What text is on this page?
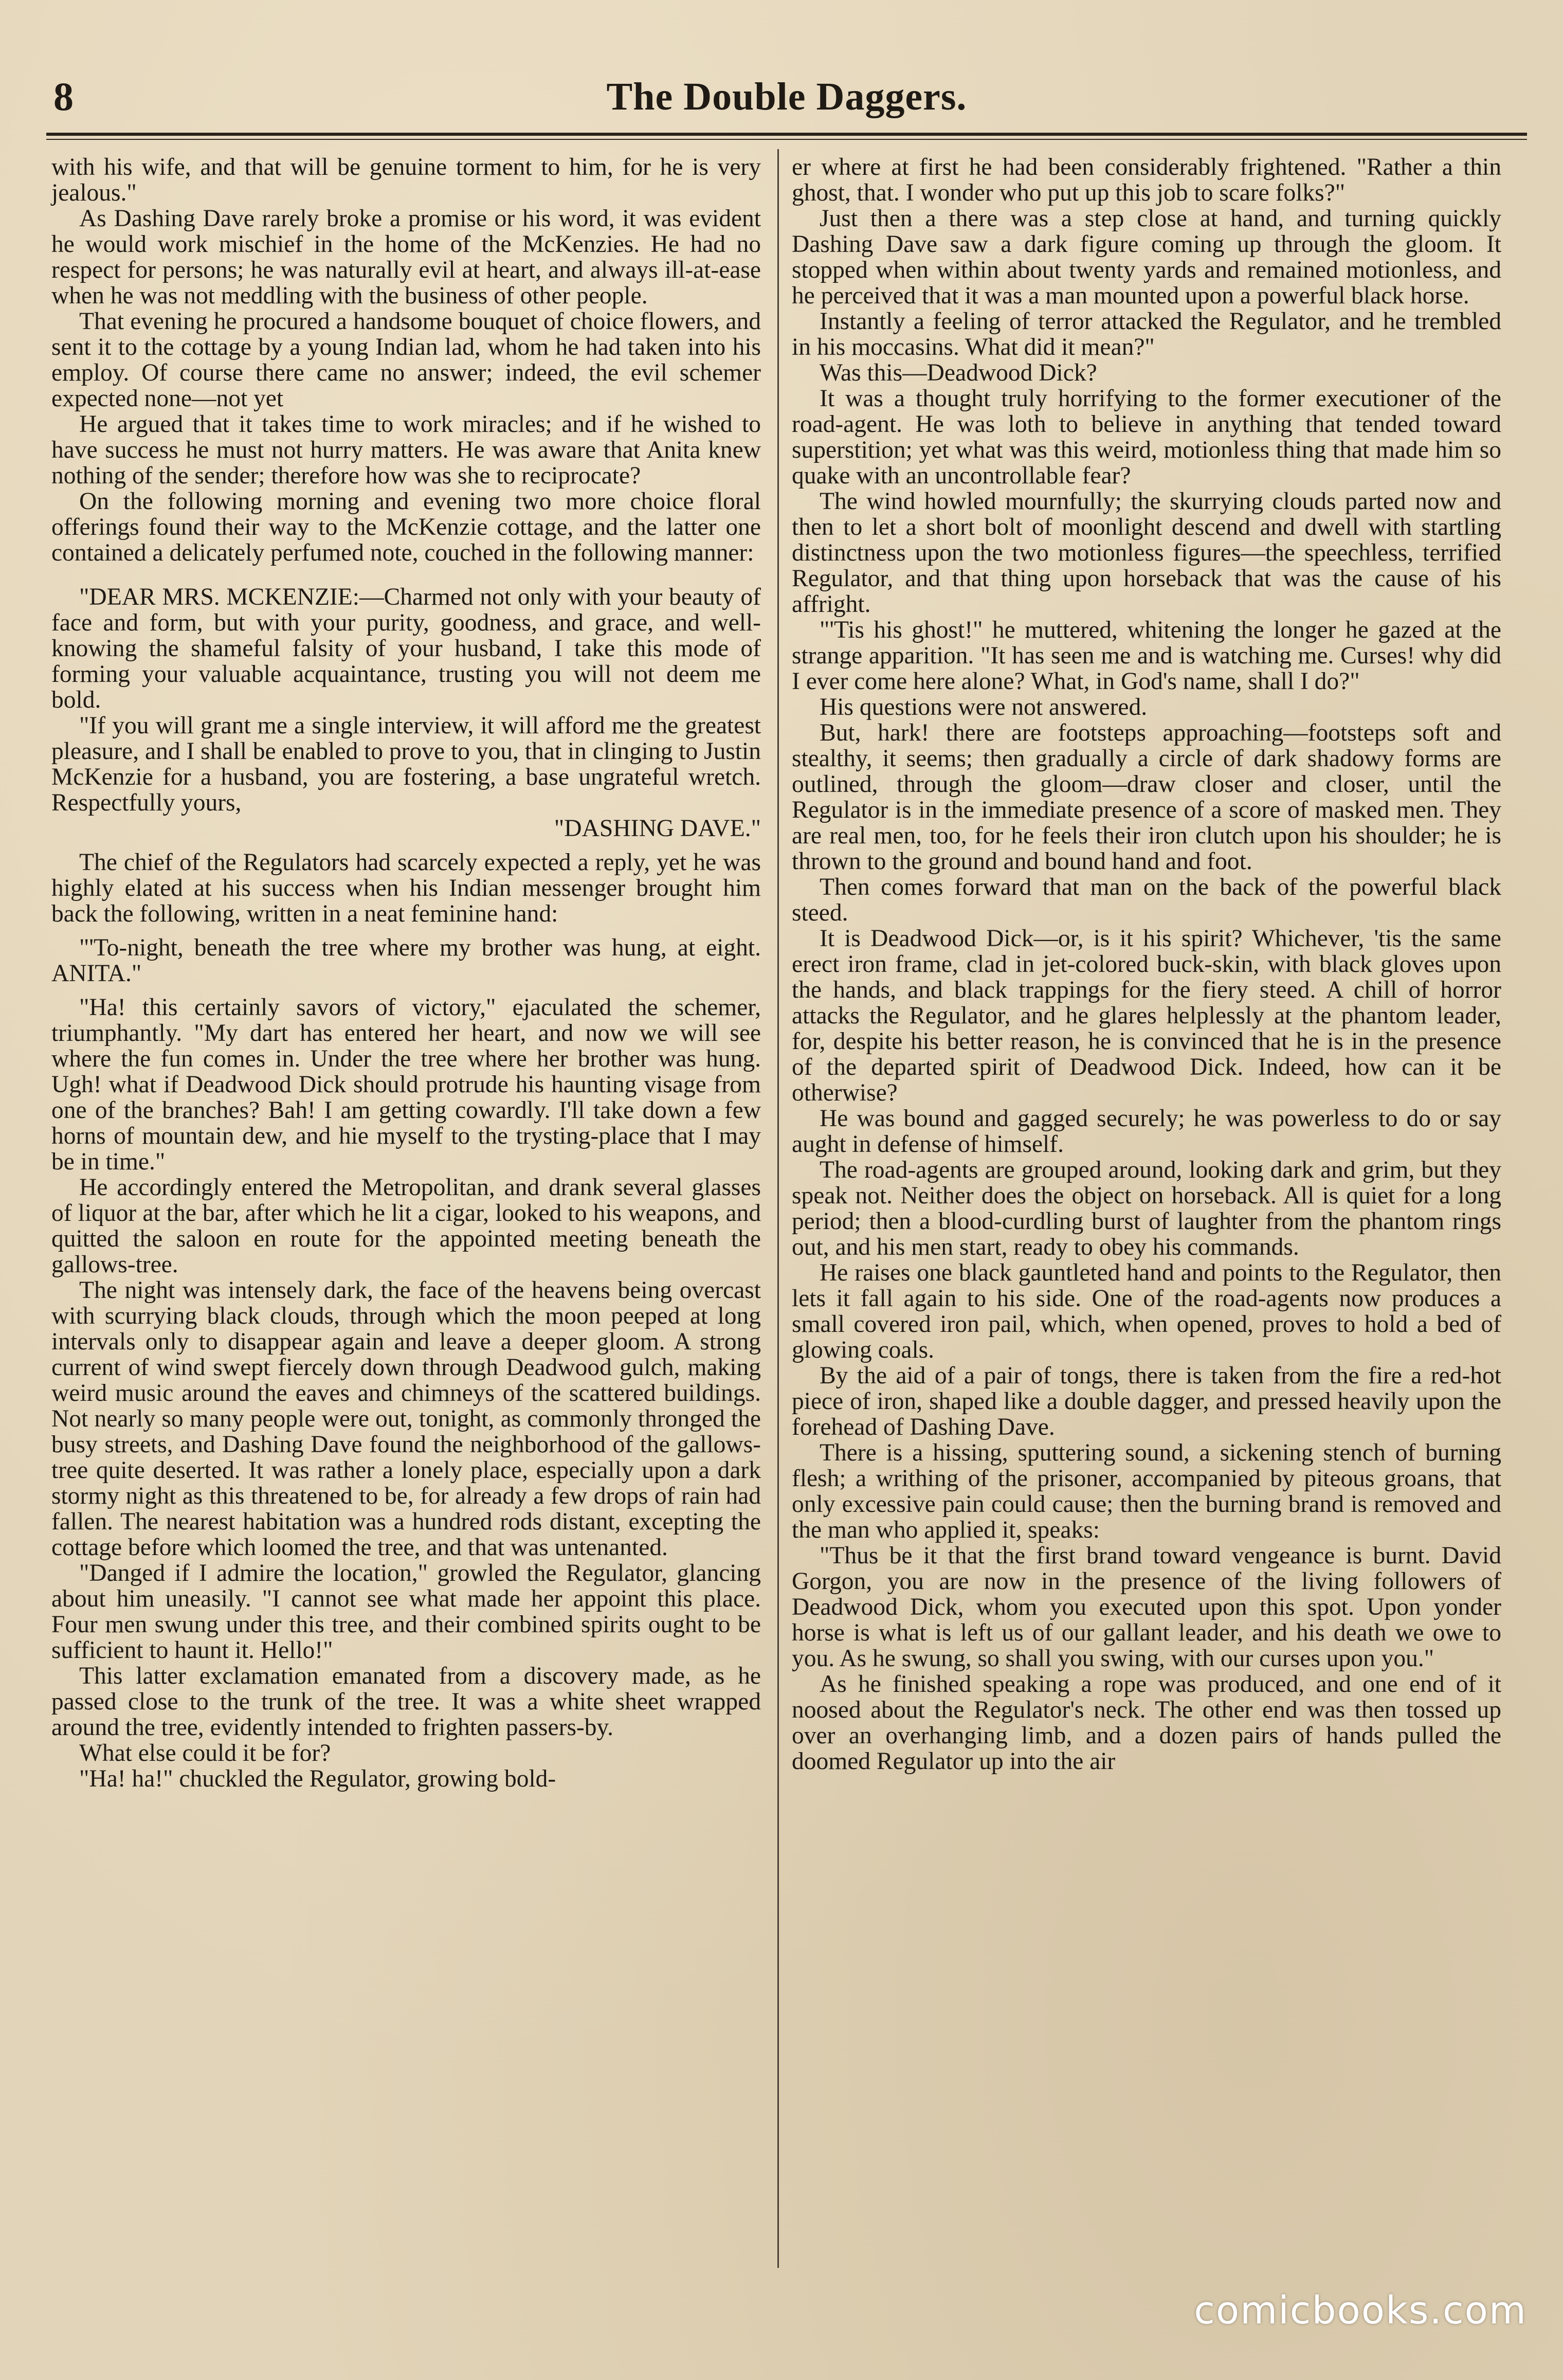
8	The Double Daggers.

with his wife, and that will be genuine torment to him, for he is very jealous."

As Dashing Dave rarely broke a promise or his word, it was evident he would work mischief in the home of the McKenzies. He had no respect for persons; he was naturally evil at heart, and always ill-at-ease when he was not meddling with the business of other people.

That evening he procured a handsome bouquet of choice flowers, and sent it to the cottage by a young Indian lad, whom he had taken into his employ. Of course there came no answer; indeed, the evil schemer expected none—not yet

He argued that it takes time to work miracles; and if he wished to have success he must not hurry matters. He was aware that Anita knew nothing of the sender; therefore how was she to reciprocate?

On the following morning and evening two more choice floral offerings found their way to the McKenzie cottage, and the latter one contained a delicately perfumed note, couched in the following manner:

"DEAR MRS. MCKENZIE:—Charmed not only with your beauty of face and form, but with your purity, goodness, and grace, and well-knowing the shameful falsity of your husband, I take this mode of forming your valuable acquaintance, trusting you will not deem me bold.

"If you will grant me a single interview, it will afford me the greatest pleasure, and I shall be enabled to prove to you, that in clinging to Justin McKenzie for a husband, you are fostering, a base ungrateful wretch. Respectfully yours,

"DASHING DAVE."

The chief of the Regulators had scarcely expected a reply, yet he was highly elated at his success when his Indian messenger brought him back the following, written in a neat feminine hand:

"'To-night, beneath the tree where my brother was hung, at eight. ANITA."

"Ha! this certainly savors of victory," ejaculated the schemer, triumphantly. "My dart has entered her heart, and now we will see where the fun comes in. Under the tree where her brother was hung. Ugh! what if Deadwood Dick should protrude his haunting visage from one of the branches? Bah! I am getting cowardly. I'll take down a few horns of mountain dew, and hie myself to the trysting-place that I may be in time."

He accordingly entered the Metropolitan, and drank several glasses of liquor at the bar, after which he lit a cigar, looked to his weapons, and quitted the saloon en route for the appointed meeting beneath the gallows-tree.

The night was intensely dark, the face of the heavens being overcast with scurrying black clouds, through which the moon peeped at long intervals only to disappear again and leave a deeper gloom. A strong current of wind swept fiercely down through Deadwood gulch, making weird music around the eaves and chimneys of the scattered buildings. Not nearly so many people were out, tonight, as commonly thronged the busy streets, and Dashing Dave found the neighborhood of the gallows-tree quite deserted. It was rather a lonely place, especially upon a dark stormy night as this threatened to be, for already a few drops of rain had fallen. The nearest habitation was a hundred rods distant, excepting the cottage before which loomed the tree, and that was untenanted.

"Danged if I admire the location," growled the Regulator, glancing about him uneasily. "I cannot see what made her appoint this place. Four men swung under this tree, and their combined spirits ought to be sufficient to haunt it. Hello!"

This latter exclamation emanated from a discovery made, as he passed close to the trunk of the tree. It was a white sheet wrapped around the tree, evidently intended to frighten passers-by.

What else could it be for?

"Ha! ha!" chuckled the Regulator, growing bold-

er where at first he had been considerably frightened. "Rather a thin ghost, that. I wonder who put up this job to scare folks?"

Just then a there was a step close at hand, and turning quickly Dashing Dave saw a dark figure coming up through the gloom. It stopped when within about twenty yards and remained motionless, and he perceived that it was a man mounted upon a powerful black horse.

Instantly a feeling of terror attacked the Regulator, and he trembled in his moccasins. What did it mean?"

Was this—Deadwood Dick?

It was a thought truly horrifying to the former executioner of the road-agent. He was loth to believe in anything that tended toward superstition; yet what was this weird, motionless thing that made him so quake with an uncontrollable fear?

The wind howled mournfully; the skurrying clouds parted now and then to let a short bolt of moonlight descend and dwell with startling distinctness upon the two motionless figures—the speechless, terrified Regulator, and that thing upon horseback that was the cause of his affright.

"'Tis his ghost!" he muttered, whitening the longer he gazed at the strange apparition. "It has seen me and is watching me. Curses! why did I ever come here alone? What, in God's name, shall I do?"

His questions were not answered.

But, hark! there are footsteps approaching—footsteps soft and stealthy, it seems; then gradually a circle of dark shadowy forms are outlined, through the gloom—draw closer and closer, until the Regulator is in the immediate presence of a score of masked men. They are real men, too, for he feels their iron clutch upon his shoulder; he is thrown to the ground and bound hand and foot.

Then comes forward that man on the back of the powerful black steed.

It is Deadwood Dick—or, is it his spirit? Whichever, 'tis the same erect iron frame, clad in jet-colored buck-skin, with black gloves upon the hands, and black trappings for the fiery steed. A chill of horror attacks the Regulator, and he glares helplessly at the phantom leader, for, despite his better reason, he is convinced that he is in the presence of the departed spirit of Deadwood Dick. Indeed, how can it be otherwise?

He was bound and gagged securely; he was powerless to do or say aught in defense of himself.

The road-agents are grouped around, looking dark and grim, but they speak not. Neither does the object on horseback. All is quiet for a long period; then a blood-curdling burst of laughter from the phantom rings out, and his men start, ready to obey his commands.

He raises one black gauntleted hand and points to the Regulator, then lets it fall again to his side. One of the road-agents now produces a small covered iron pail, which, when opened, proves to hold a bed of glowing coals.

By the aid of a pair of tongs, there is taken from the fire a red-hot piece of iron, shaped like a double dagger, and pressed heavily upon the forehead of Dashing Dave.

There is a hissing, sputtering sound, a sickening stench of burning flesh; a writhing of the prisoner, accompanied by piteous groans, that only excessive pain could cause; then the burning brand is removed and the man who applied it, speaks:

"Thus be it that the first brand toward vengeance is burnt. David Gorgon, you are now in the presence of the living followers of Deadwood Dick, whom you executed upon this spot. Upon yonder horse is what is left us of our gallant leader, and his death we owe to you. As he swung, so shall you swing, with our curses upon you."

As he finished speaking a rope was produced, and one end of it noosed about the Regulator's neck. The other end was then tossed up over an overhanging limb, and a dozen pairs of hands pulled the doomed Regulator up into the air

comicbooks.com
